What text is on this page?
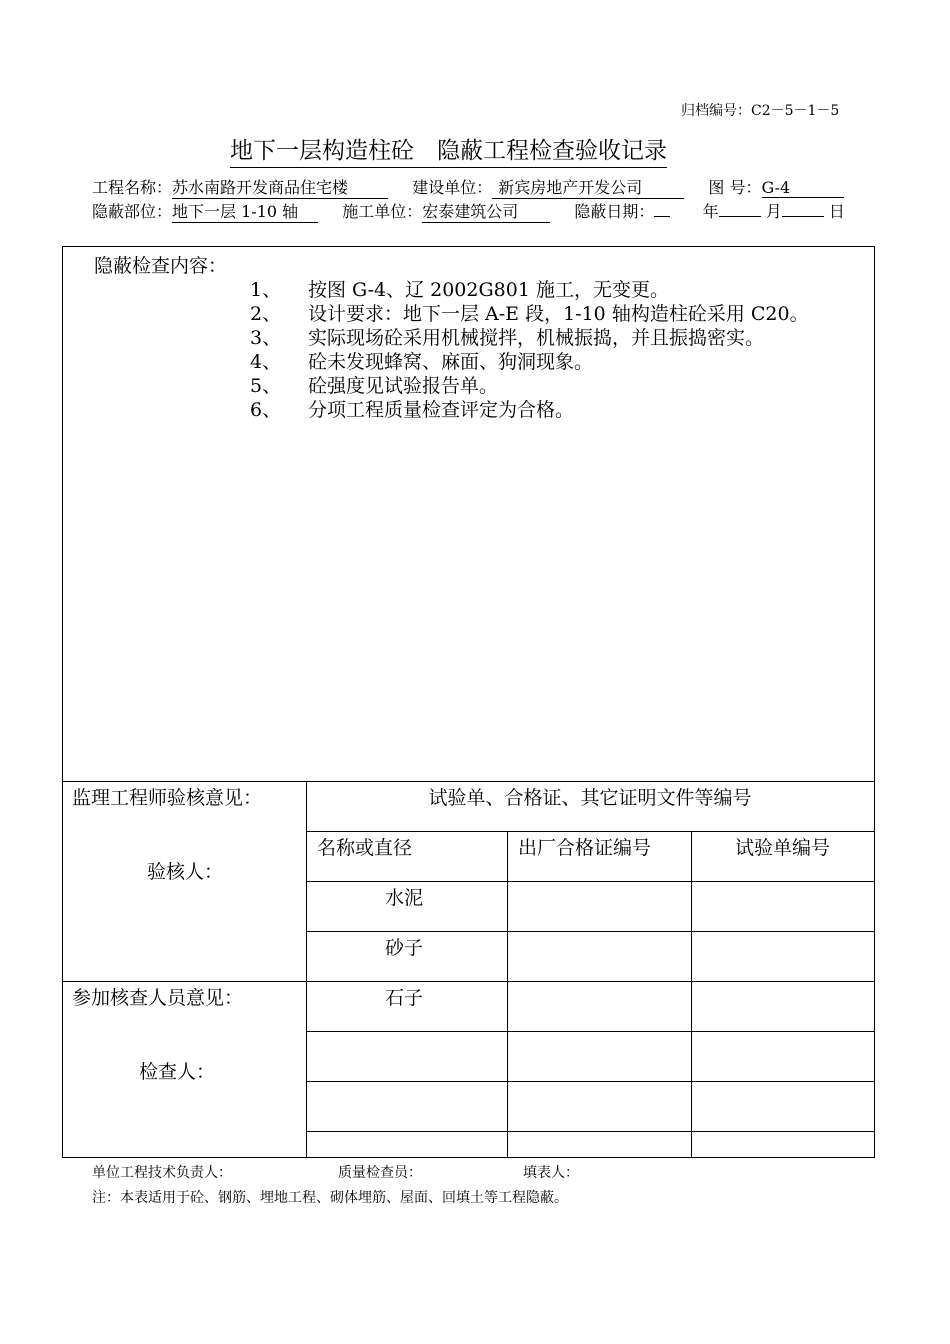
归档编号：C2－5－1－5
地下一层构造柱砼　隐蔽工程检查验收记录
工程名称：苏水南路开发商品住宅楼	建设单位： 新宾房地产开发公司	图 号：G-4
隐蔽部位：地下一层 1-10 轴	施工单位：宏泰建筑公司	隐蔽日期：	年	月	日
隐蔽检查内容：
1、 按图 G-4、辽 2002G801 施工，无变更。
2、 设计要求：地下一层 A-E 段，1-10 轴构造柱砼采用 C20。
3、 实际现场砼采用机械搅拌，机械振捣，并且振捣密实。
4、 砼未发现蜂窝、麻面、狗洞现象。
5、 砼强度见试验报告单。
6、 分项工程质量检查评定为合格。
监理工程师验核意见：
验核人：
参加核查人员意见：
检查人：
试验单、合格证、其它证明文件等编号
名称或直径	出厂合格证编号	试验单编号
水泥
砂子
石子
单位工程技术负责人：	质量检查员：	填表人：
注：本表适用于砼、钢筋、埋地工程、砌体埋筋、屋面、回填土等工程隐蔽。
